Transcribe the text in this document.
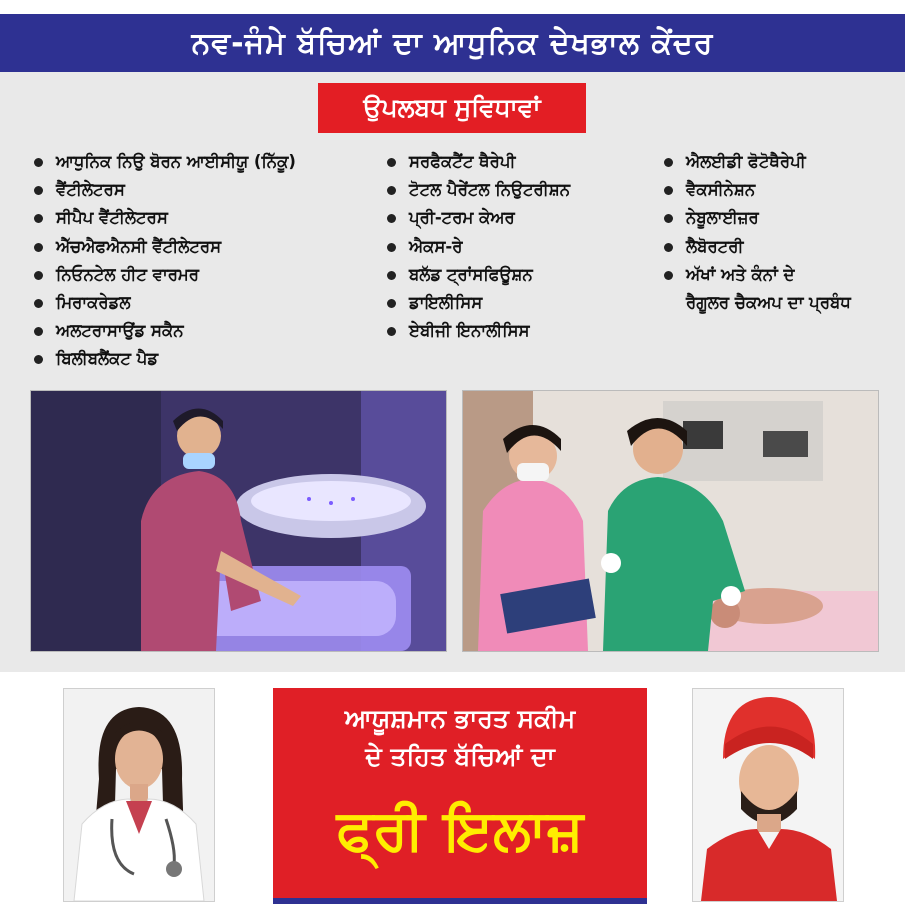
ਨਵ-ਜੰਮੇ ਬੱਚਿਆਂ ਦਾ ਆਧੁਨਿਕ ਦੇਖਭਾਲ ਕੇਂਦਰ
ਉਪਲਬਧ ਸੁਵਿਧਾਵਾਂ
ਆਧੁਨਿਕ ਨਿਉ ਬੋਰਨ ਆਈਸੀਯੂ (ਨਿੱਕੂ)
ਵੈਂਟੀਲੇਟਰਸ
ਸੀਪੈਪ ਵੈਂਟੀਲੇਟਰਸ
ਐੱਚਐਫਐਨਸੀ ਵੈਂਟੀਲੇਟਰਸ
ਨਿਓਨਟੇਲ ਹੀਟ ਵਾਰਮਰ
ਮਿਰਾਕਰੇਡਲ
ਅਲਟਰਾਸਾਉਂਡ ਸਕੈਨ
ਬਿਲੀਬਲੈਂਕਟ ਪੈਡ
ਸਰਫੈਕਟੈਂਟ ਥੈਰੇਪੀ
ਟੋਟਲ ਪੈਰੇਂਟਲ ਨਿਉਟਰੀਸ਼ਨ
ਪ੍ਰੀ-ਟਰਮ ਕੇਅਰ
ਐਕਸ-ਰੇ
ਬਲੱਡ ਟ੍ਰਾਂਸਫਿਊਸ਼ਨ
ਡਾਇਲੀਸਿਸ
ਏਬੀਜੀ ਇਨਾਲੀਸਿਸ
ਐਲਈਡੀ ਫੋਟੋਥੈਰੇਪੀ
ਵੈਕਸੀਨੇਸ਼ਨ
ਨੇਬੂਲਾਈਜ਼ਰ
ਲੈਬੋਰਟਰੀ
ਅੱਖਾਂ ਅਤੇ ਕੰਨਾਂ ਦੇ
ਰੈਗੂਲਰ ਚੈਕਅਪ ਦਾ ਪ੍ਰਬੰਧ
ਆਯੂਸ਼ਮਾਨ ਭਾਰਤ ਸਕੀਮ
ਦੇ ਤਹਿਤ ਬੱਚਿਆਂ ਦਾ
ਫ੍ਰੀ ਇਲਾਜ਼
